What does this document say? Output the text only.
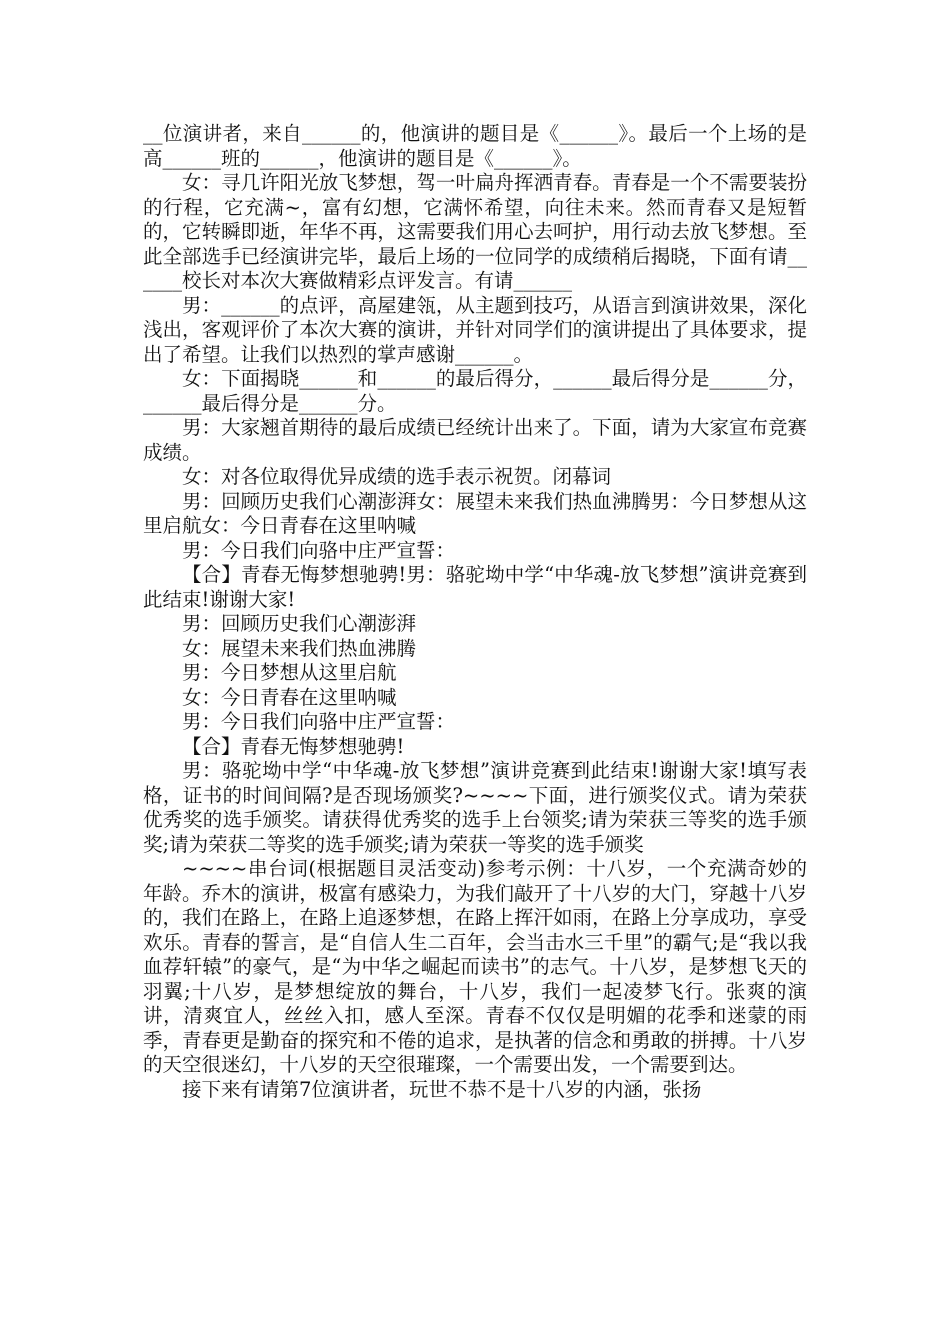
__位演讲者，来自______的，他演讲的题目是《______》。最后一个上场的是高______班的______，他演讲的题目是《______》。

女：寻几许阳光放飞梦想，驾一叶扁舟挥洒青春。青春是一个不需要装扮的行程，它充满~，富有幻想，它满怀希望，向往未来。然而青春又是短暂的，它转瞬即逝，年华不再，这需要我们用心去呵护，用行动去放飞梦想。至此全部选手已经演讲完毕，最后上场的一位同学的成绩稍后揭晓，下面有请______校长对本次大赛做精彩点评发言。有请______

男：______的点评，高屋建瓴，从主题到技巧，从语言到演讲效果，深化浅出，客观评价了本次大赛的演讲，并针对同学们的演讲提出了具体要求，提出了希望。让我们以热烈的掌声感谢______。

女：下面揭晓______和______的最后得分，______最后得分是______分，______最后得分是______分。

男：大家翘首期待的最后成绩已经统计出来了。下面，请为大家宣布竞赛成绩。

女：对各位取得优异成绩的选手表示祝贺。闭幕词

男：回顾历史我们心潮澎湃女：展望未来我们热血沸腾男：今日梦想从这里启航女：今日青春在这里呐喊

男：今日我们向骆中庄严宣誓：

【合】青春无悔梦想驰骋!男：骆驼坳中学“中华魂-放飞梦想”演讲竞赛到此结束!谢谢大家!

男：回顾历史我们心潮澎湃

女：展望未来我们热血沸腾

男：今日梦想从这里启航

女：今日青春在这里呐喊

男：今日我们向骆中庄严宣誓：

【合】青春无悔梦想驰骋!

男：骆驼坳中学“中华魂-放飞梦想”演讲竞赛到此结束!谢谢大家!填写表格，证书的时间间隔?是否现场颁奖?~~~~下面，进行颁奖仪式。请为荣获优秀奖的选手颁奖。请获得优秀奖的选手上台领奖;请为荣获三等奖的选手颁奖;请为荣获二等奖的选手颁奖;请为荣获一等奖的选手颁奖

~~~~串台词(根据题目灵活变动)参考示例：十八岁，一个充满奇妙的年龄。乔木的演讲，极富有感染力，为我们敲开了十八岁的大门，穿越十八岁的，我们在路上，在路上追逐梦想，在路上挥汗如雨，在路上分享成功，享受欢乐。青春的誓言，是“自信人生二百年，会当击水三千里”的霸气;是“我以我血荐轩辕”的豪气，是“为中华之崛起而读书”的志气。十八岁，是梦想飞天的羽翼;十八岁，是梦想绽放的舞台，十八岁，我们一起凌梦飞行。张爽的演讲，清爽宜人，丝丝入扣，感人至深。青春不仅仅是明媚的花季和迷蒙的雨季，青春更是勤奋的探究和不倦的追求，是执著的信念和勇敢的拼搏。十八岁的天空很迷幻，十八岁的天空很璀璨，一个需要出发，一个需要到达。

接下来有请第7位演讲者，玩世不恭不是十八岁的内涵，张扬
